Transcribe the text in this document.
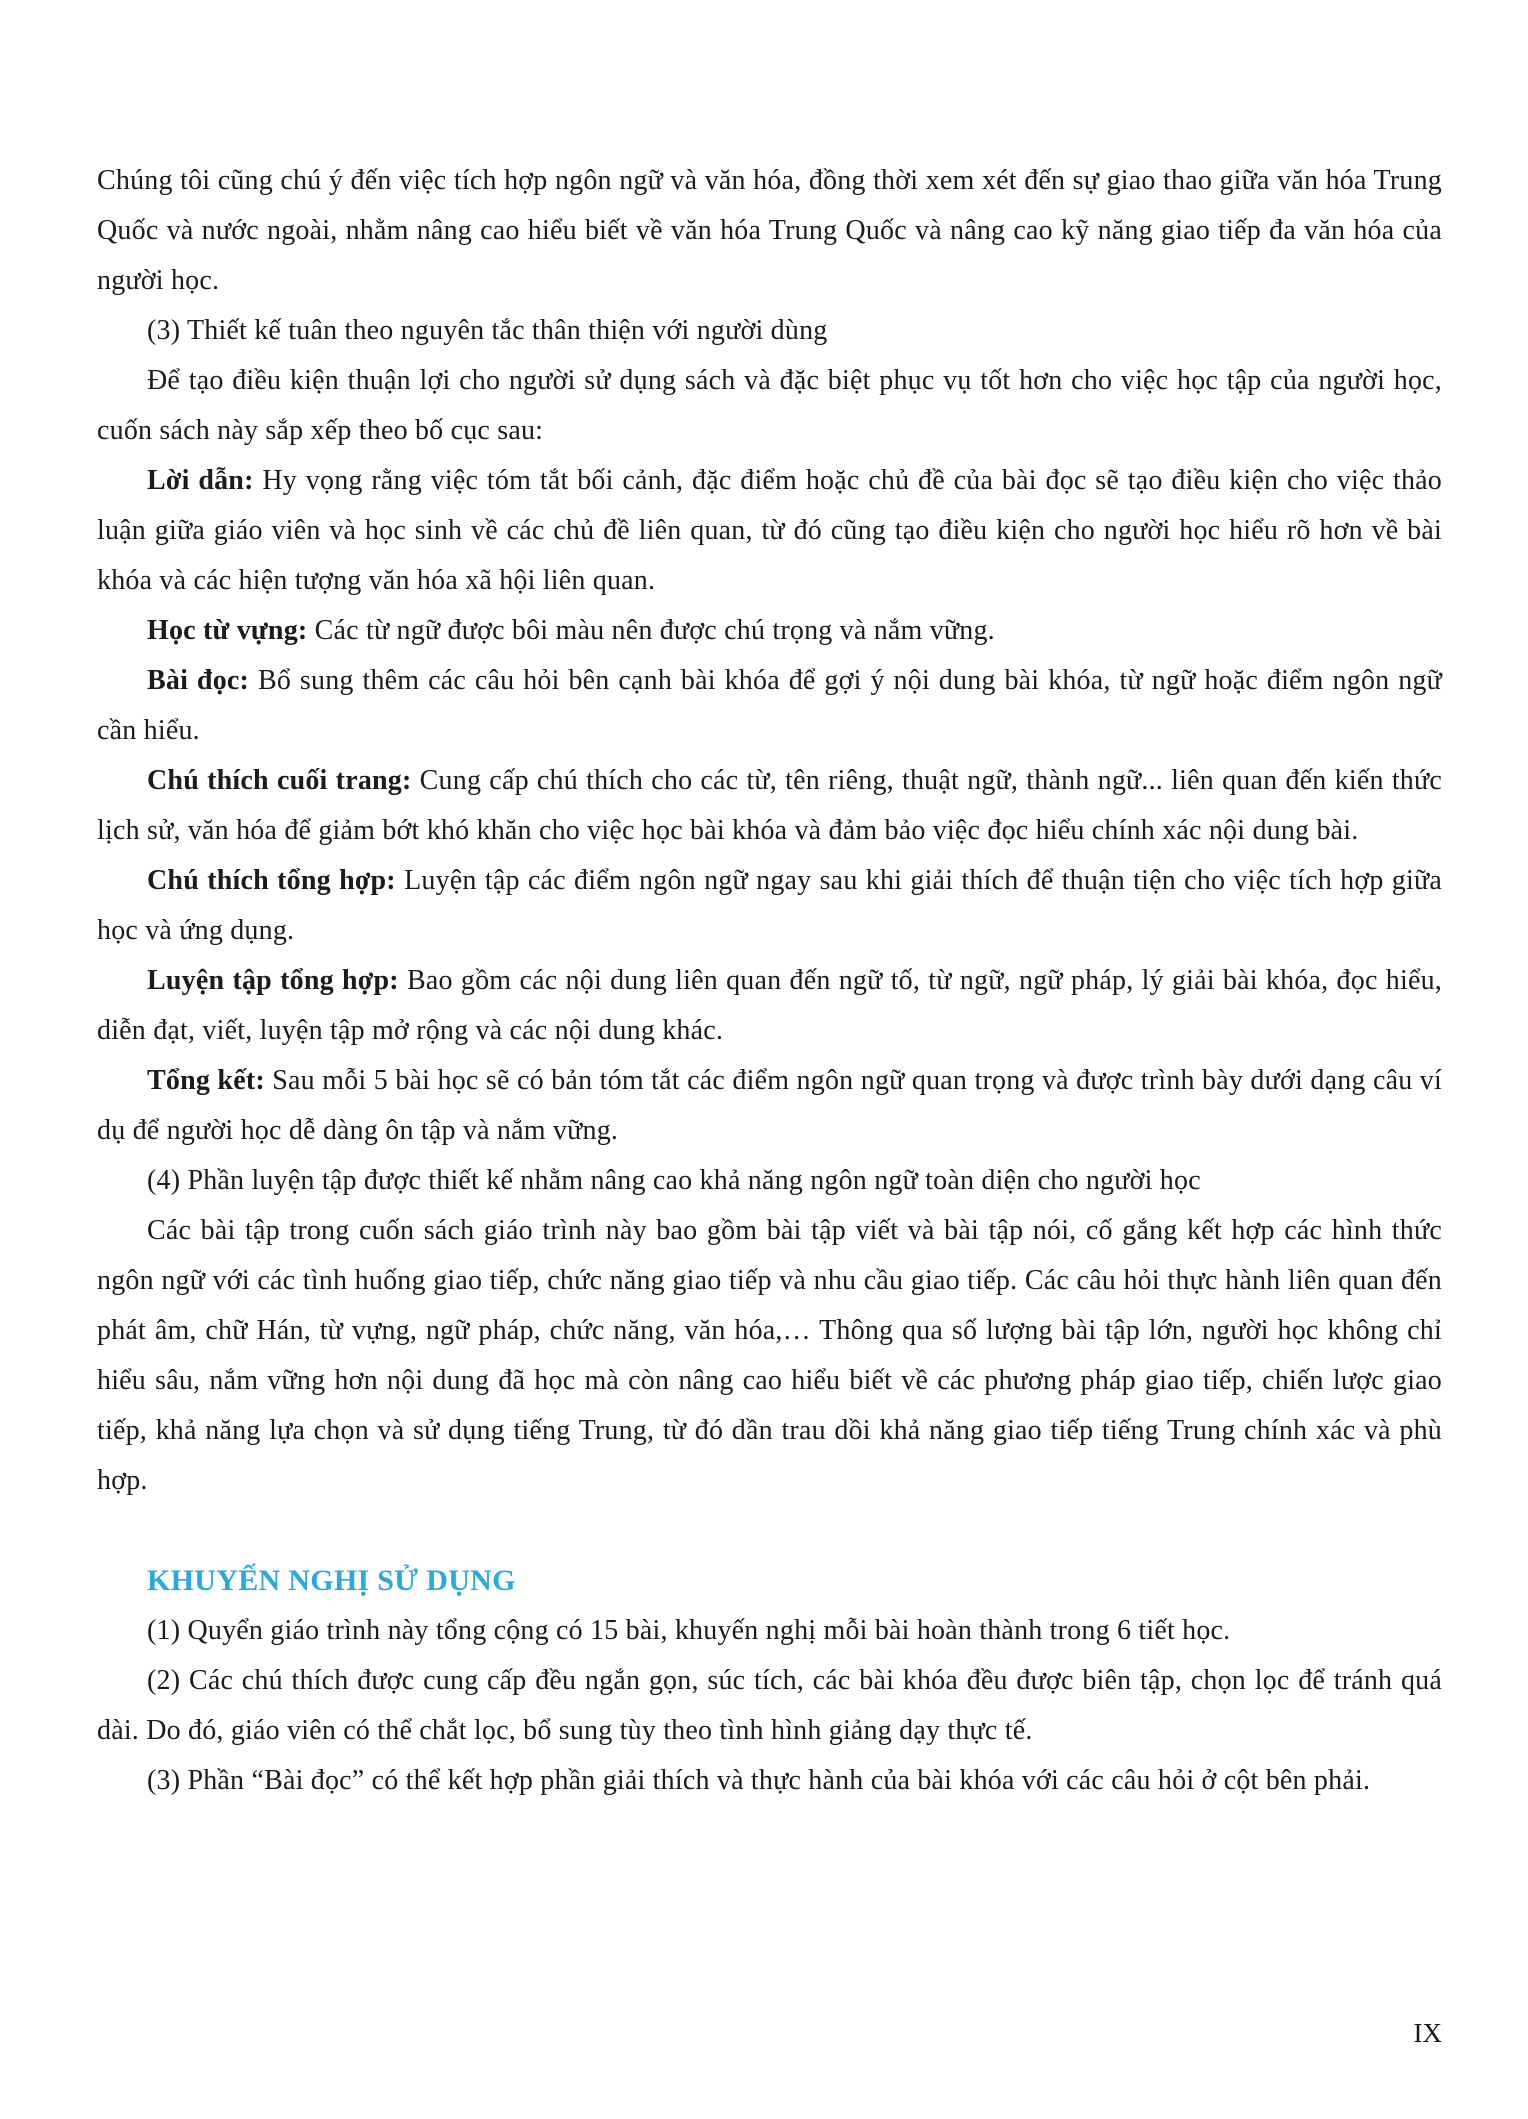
Chúng tôi cũng chú ý đến việc tích hợp ngôn ngữ và văn hóa, đồng thời xem xét đến sự giao thao giữa văn hóa Trung Quốc và nước ngoài, nhằm nâng cao hiểu biết về văn hóa Trung Quốc và nâng cao kỹ năng giao tiếp đa văn hóa của người học.

(3) Thiết kế tuân theo nguyên tắc thân thiện với người dùng

Để tạo điều kiện thuận lợi cho người sử dụng sách và đặc biệt phục vụ tốt hơn cho việc học tập của người học, cuốn sách này sắp xếp theo bố cục sau:

Lời dẫn: Hy vọng rằng việc tóm tắt bối cảnh, đặc điểm hoặc chủ đề của bài đọc sẽ tạo điều kiện cho việc thảo luận giữa giáo viên và học sinh về các chủ đề liên quan, từ đó cũng tạo điều kiện cho người học hiểu rõ hơn về bài khóa và các hiện tượng văn hóa xã hội liên quan.

Học từ vựng: Các từ ngữ được bôi màu nên được chú trọng và nắm vững.

Bài đọc: Bổ sung thêm các câu hỏi bên cạnh bài khóa để gợi ý nội dung bài khóa, từ ngữ hoặc điểm ngôn ngữ cần hiểu.

Chú thích cuối trang: Cung cấp chú thích cho các từ, tên riêng, thuật ngữ, thành ngữ... liên quan đến kiến thức lịch sử, văn hóa để giảm bớt khó khăn cho việc học bài khóa và đảm bảo việc đọc hiểu chính xác nội dung bài.

Chú thích tổng hợp: Luyện tập các điểm ngôn ngữ ngay sau khi giải thích để thuận tiện cho việc tích hợp giữa học và ứng dụng.

Luyện tập tổng hợp: Bao gồm các nội dung liên quan đến ngữ tố, từ ngữ, ngữ pháp, lý giải bài khóa, đọc hiểu, diễn đạt, viết, luyện tập mở rộng và các nội dung khác.

Tổng kết: Sau mỗi 5 bài học sẽ có bản tóm tắt các điểm ngôn ngữ quan trọng và được trình bày dưới dạng câu ví dụ để người học dễ dàng ôn tập và nắm vững.

(4) Phần luyện tập được thiết kế nhằm nâng cao khả năng ngôn ngữ toàn diện cho người học

Các bài tập trong cuốn sách giáo trình này bao gồm bài tập viết và bài tập nói, cố gắng kết hợp các hình thức ngôn ngữ với các tình huống giao tiếp, chức năng giao tiếp và nhu cầu giao tiếp. Các câu hỏi thực hành liên quan đến phát âm, chữ Hán, từ vựng, ngữ pháp, chức năng, văn hóa,… Thông qua số lượng bài tập lớn, người học không chỉ hiểu sâu, nắm vững hơn nội dung đã học mà còn nâng cao hiểu biết về các phương pháp giao tiếp, chiến lược giao tiếp, khả năng lựa chọn và sử dụng tiếng Trung, từ đó dần trau dồi khả năng giao tiếp tiếng Trung chính xác và phù hợp.

KHUYẾN NGHỊ SỬ DỤNG

(1) Quyển giáo trình này tổng cộng có 15 bài, khuyến nghị mỗi bài hoàn thành trong 6 tiết học.

(2) Các chú thích được cung cấp đều ngắn gọn, súc tích, các bài khóa đều được biên tập, chọn lọc để tránh quá dài. Do đó, giáo viên có thể chắt lọc, bổ sung tùy theo tình hình giảng dạy thực tế.

(3) Phần “Bài đọc” có thể kết hợp phần giải thích và thực hành của bài khóa với các câu hỏi ở cột bên phải.

IX
